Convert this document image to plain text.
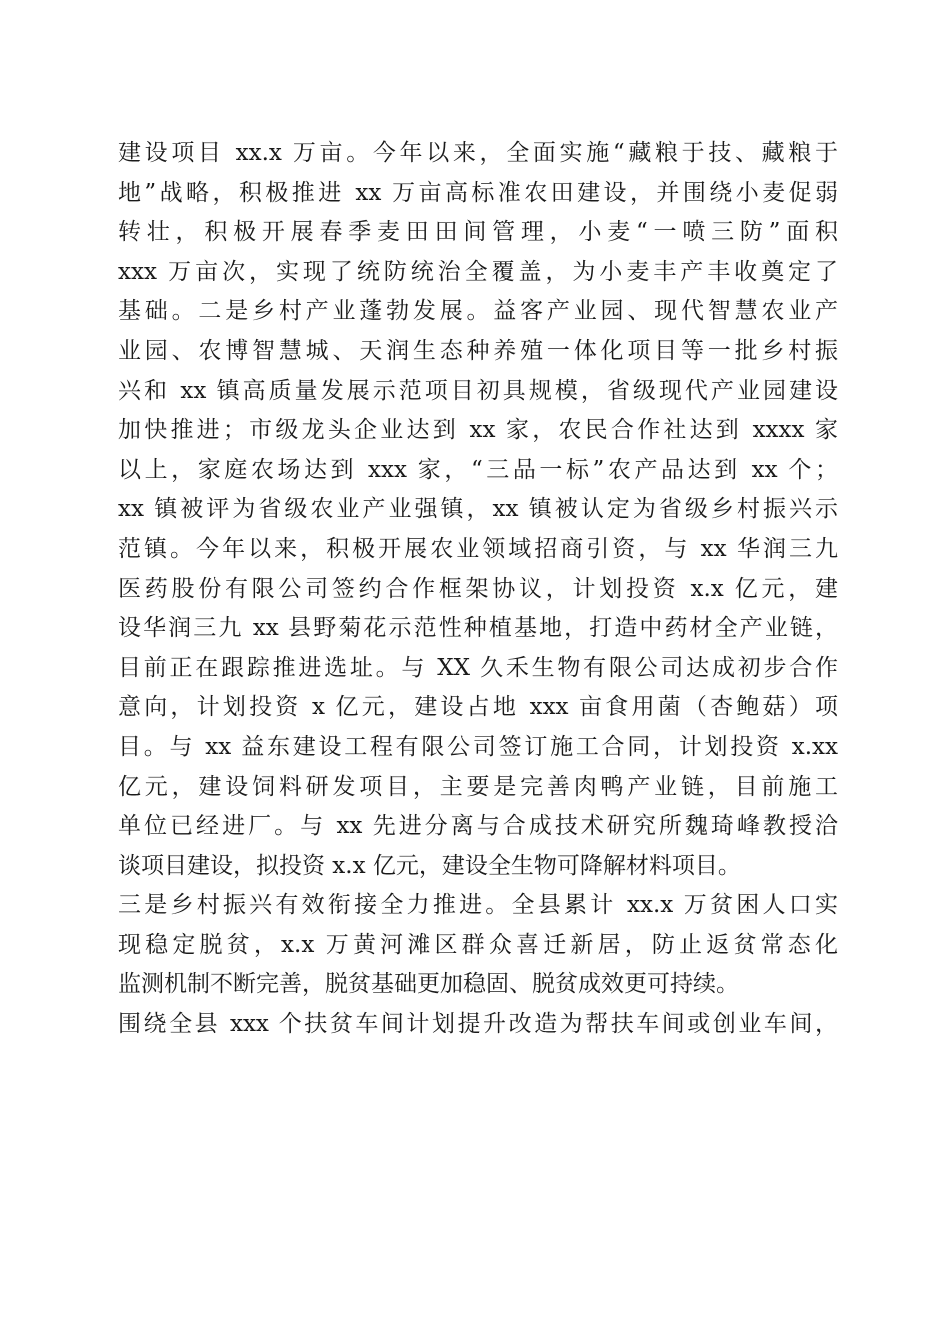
建设项目 xx.x 万亩。今年以来，全面实施“藏粮于技、藏粮于
地”战略，积极推进 xx 万亩高标准农田建设，并围绕小麦促弱
转壮，积极开展春季麦田田间管理，小麦“一喷三防”面积
xxx 万亩次，实现了统防统治全覆盖，为小麦丰产丰收奠定了
基础。二是乡村产业蓬勃发展。益客产业园、现代智慧农业产
业园、农博智慧城、天润生态种养殖一体化项目等一批乡村振
兴和 xx 镇高质量发展示范项目初具规模，省级现代产业园建设
加快推进；市级龙头企业达到 xx 家，农民合作社达到 xxxx 家
以上，家庭农场达到 xxx 家，“三品一标”农产品达到 xx 个；
xx 镇被评为省级农业产业强镇，xx 镇被认定为省级乡村振兴示
范镇。今年以来，积极开展农业领域招商引资，与 xx 华润三九
医药股份有限公司签约合作框架协议，计划投资 x.x 亿元，建
设华润三九 xx 县野菊花示范性种植基地，打造中药材全产业链，
目前正在跟踪推进选址。与 XX 久禾生物有限公司达成初步合作
意向，计划投资 x 亿元，建设占地 xxx 亩食用菌（杏鲍菇）项
目。与 xx 益东建设工程有限公司签订施工合同，计划投资 x.xx
亿元，建设饲料研发项目，主要是完善肉鸭产业链，目前施工
单位已经进厂。与 xx 先进分离与合成技术研究所魏琦峰教授洽
谈项目建设，拟投资 x.x 亿元，建设全生物可降解材料项目。
三是乡村振兴有效衔接全力推进。全县累计 xx.x 万贫困人口实
现稳定脱贫，x.x 万黄河滩区群众喜迁新居，防止返贫常态化
监测机制不断完善，脱贫基础更加稳固、脱贫成效更可持续。
围绕全县 xxx 个扶贫车间计划提升改造为帮扶车间或创业车间，
